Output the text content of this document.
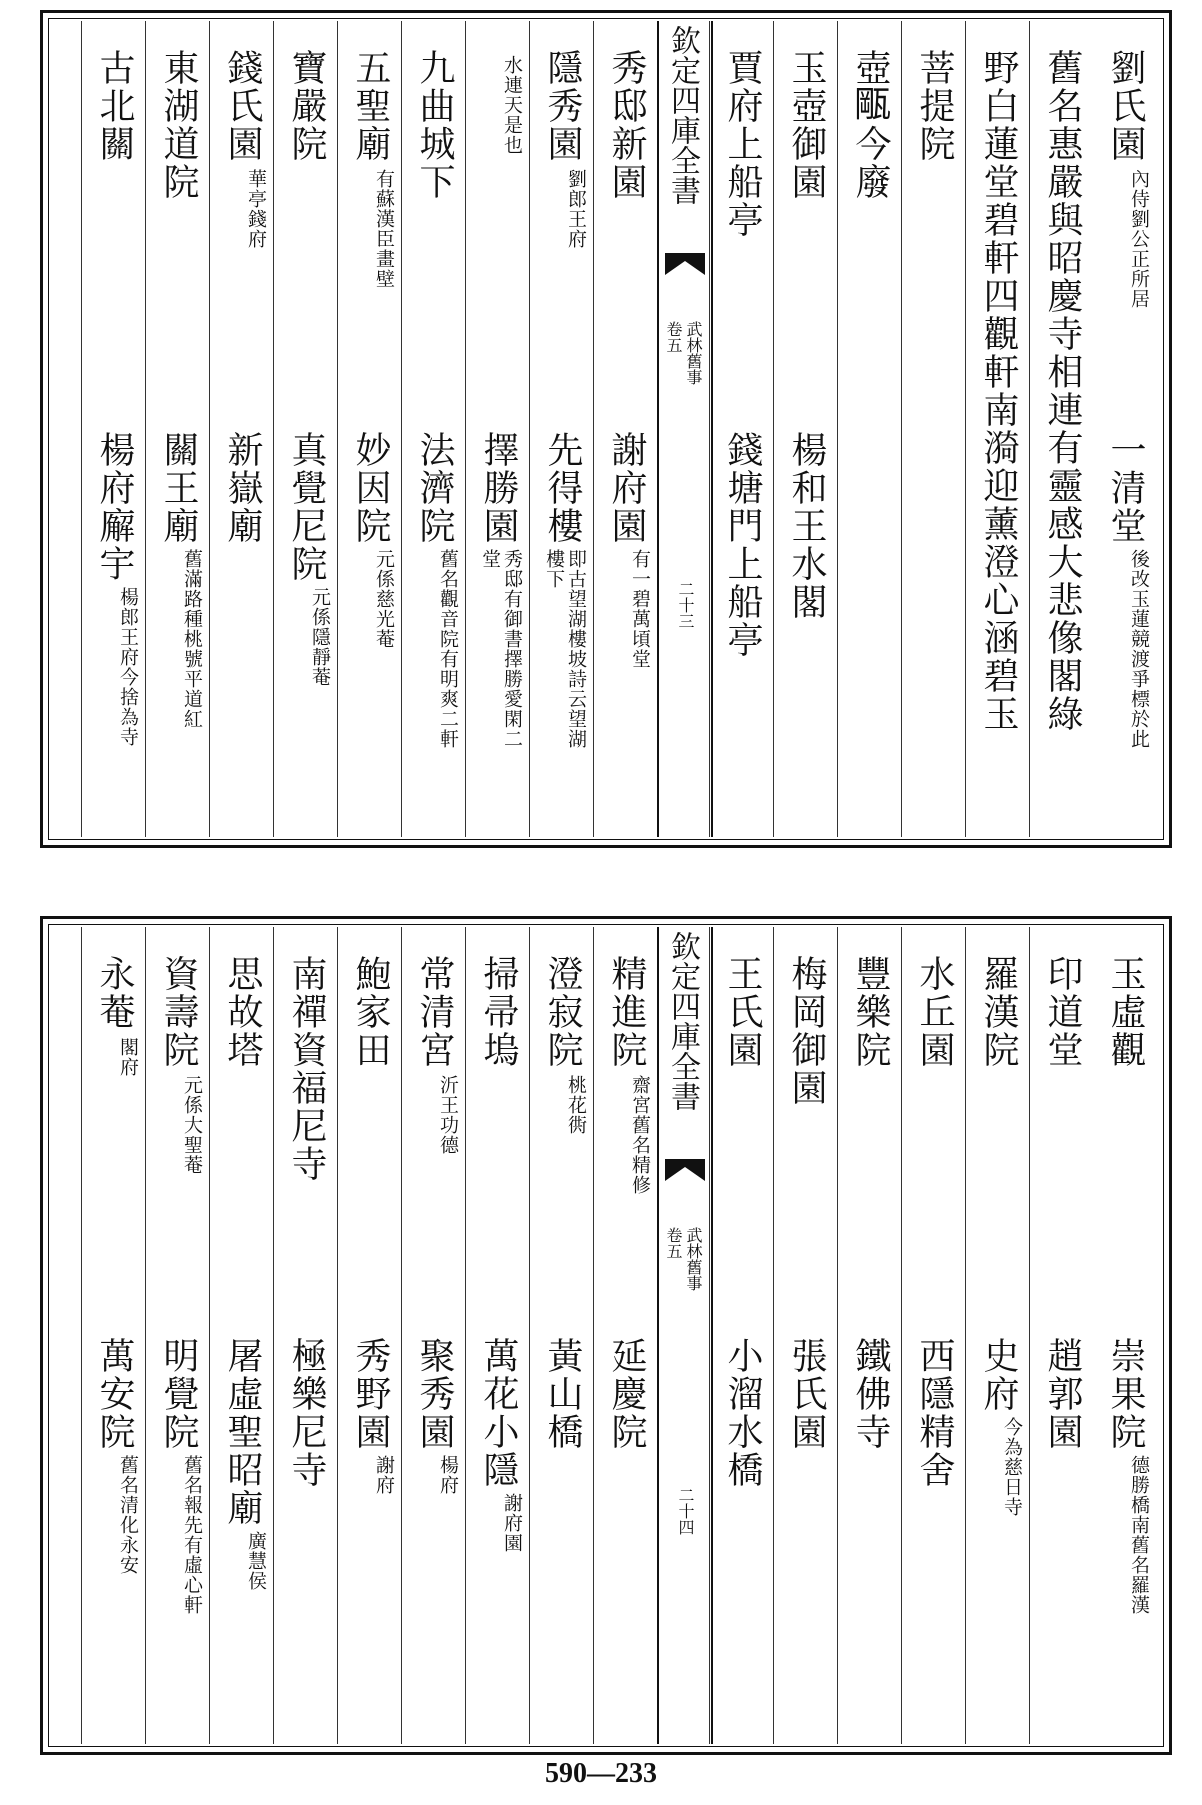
劉氏園
內侍劉公正所居
一清堂
後改玉蓮競渡爭標於此
舊名惠嚴與昭慶寺相連有靈感大悲像閣綠
野白蓮堂碧軒四觀軒南漪迎薰澄心涵碧玉
菩提院
壺𤭛今廢
玉壺御園
楊和王水閣
賈府上船亭
錢塘門上船亭
欽定四庫全書
武林舊事
卷五
二十三
秀邸新園
謝府園
有一碧萬頃堂
隱秀園
劉郎王府
先得樓
即古望湖樓坡詩云望湖樓下
水連天是也
擇勝園
秀邸有御書擇勝愛閑二堂
九曲城下
法濟院
舊名觀音院有明爽二軒
五聖廟
有蘇漢臣畫壁
妙因院
元係慈光菴
寶嚴院
真覺尼院
元係隱靜菴
錢氏園
華亭錢府
新嶽廟
東湖道院
關王廟
舊滿路種桃號平道紅
古北關
楊府廨宇
楊郎王府今捨為寺
玉虛觀
崇果院
德勝橋南舊名羅漢
印道堂
趙郭園
羅漢院
史府
今為慈日寺
水丘園
西隱精舍
豐樂院
鐵佛寺
梅岡御園
張氏園
王氏園
小溜水橋
欽定四庫全書
武林舊事
卷五
二十四
精進院
齋宮舊名精修
延慶院
澄寂院
桃花衖
黃山橋
掃帚塢
萬花小隱
謝府園
常清宮
沂王功德
聚秀園
楊府
鮑家田
秀野園
謝府
南禪資福尼寺
極樂尼寺
思故塔
屠虛聖昭廟
廣慧侯
資壽院
元係大聖菴
明覺院
舊名報先有虛心軒
永菴
閣府
萬安院
舊名清化永安
590—233
